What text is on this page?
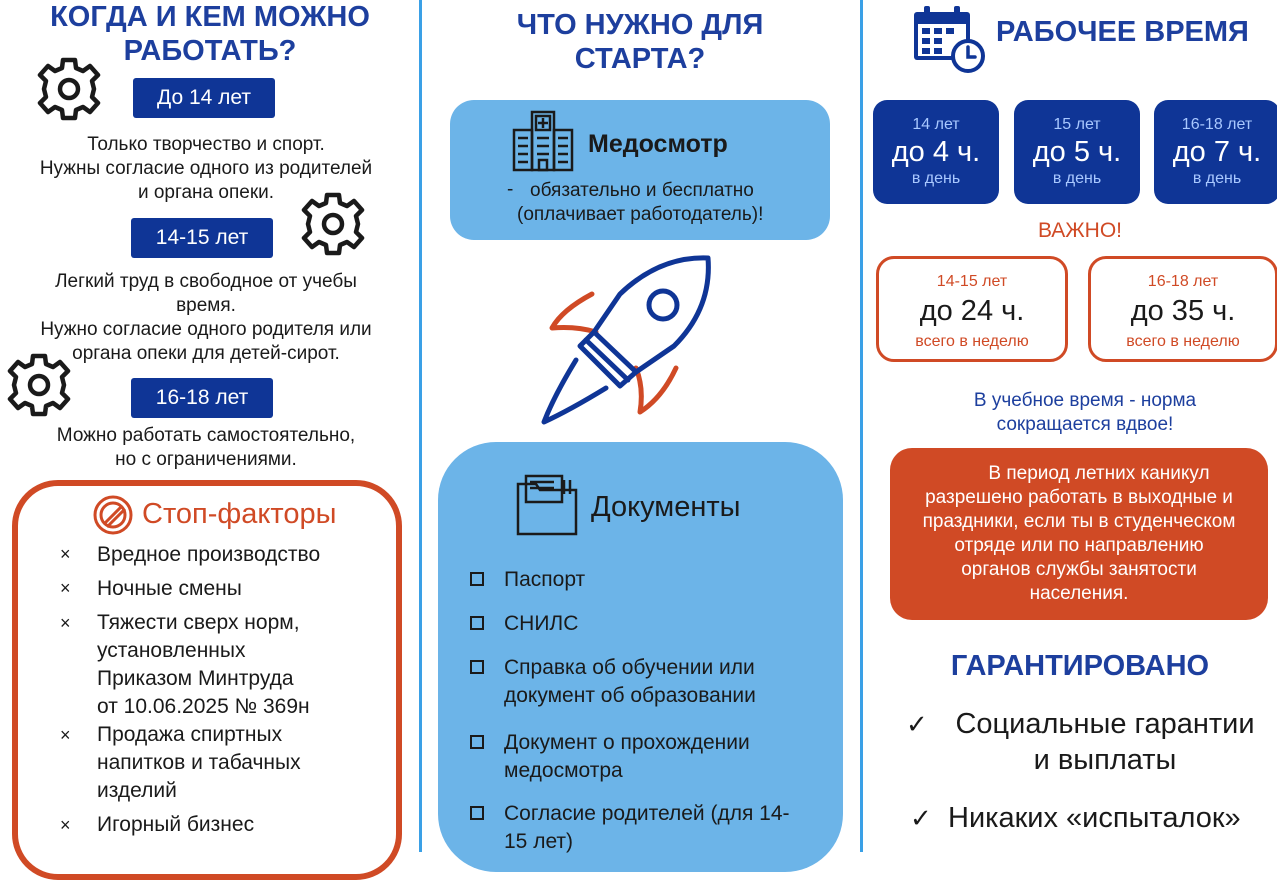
КОГДА И КЕМ МОЖНО
РАБОТАТЬ?
До 14 лет
Только творчество и спорт.
Нужны согласие одного из родителей
и органа опеки.
14-15 лет
Легкий труд в свободное от учебы
время.
Нужно согласие одного родителя или
органа опеки для детей-сирот.
16-18 лет
Можно работать самостоятельно,
но с ограничениями.
Стоп-факторы
× Вредное производство
× Ночные смены
× Тяжести сверх норм,
установленных
Приказом Минтруда
от 10.06.2025 № 369н
× Продажа спиртных
напитков и табачных
изделий
× Игорный бизнес
ЧТО НУЖНО ДЛЯ
СТАРТА?
Медосмотр
- обязательно и бесплатно
(оплачивает работодатель)!
Документы
Паспорт
СНИЛС
Справка об обучении или
документ об образовании
Документ о прохождении
медосмотра
Согласие родителей (для 14-
15 лет)
РАБОЧЕЕ ВРЕМЯ
14 лет
до 4 ч.
в день
15 лет
до 5 ч.
в день
16-18 лет
до 7 ч.
в день
ВАЖНО!
14-15 лет
до 24 ч.
всего в неделю
16-18 лет
до 35 ч.
всего в неделю
В учебное время - норма
сокращается вдвое!
В период летних каникул
разрешено работать в выходные и
праздники, если ты в студенческом
отряде или по направлению
органов службы занятости
населения.
ГАРАНТИРОВАНО
✓ Социальные гарантии
и выплаты
✓ Никаких «испыталок»
